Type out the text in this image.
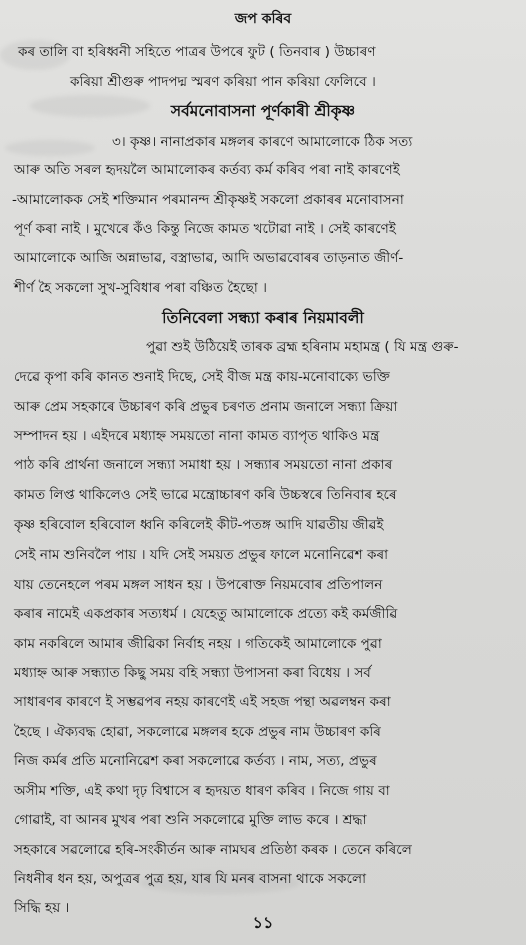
জপ কৰিব
কৰ তালি বা হৰিধ্বনী সহিতে পাত্ৰৰ উপৰে ফুট ( তিনবাৰ ) উচ্চাৰণ
কৰিয়া শ্ৰীগুৰু পাদপদ্ম স্মৰণ কৰিয়া পান কৰিয়া ফেলিবে ।
সৰ্বমনোবাসনা পূৰ্ণকাৰী শ্ৰীকৃষ্ণ
৩। কৃষ্ণ। নানাপ্ৰকাৰ মঙ্গলৰ কাৰণে আমালোকে ঠিক সত্য
আৰু অতি সৰল হৃদয়লৈ আমালোকৰ কৰ্তব্য কৰ্ম কৰিব পৰা নাই কাৰণেই
-আমালোকক সেই শক্তিমান পৰমানন্দ শ্ৰীকৃষ্ণই সকলো প্ৰকাৰৰ মনোবাসনা
পূৰ্ণ কৰা নাই । মুখেৰে কঁও কিন্তু নিজে কামত খটোৱা নাই । সেই কাৰণেই
আমালোকে আজি অন্নাভাৱ, বস্ত্ৰাভাৱ, আদি অভাৱবোৰৰ তাড়নাত জীৰ্ণ-
শীৰ্ণ হৈ সকলো সুখ-সুবিধাৰ পৰা বঞ্চিত হৈছো ।
তিনিবেলা সন্ধ্যা কৰাৰ নিয়মাবলী
পুৱা শুই উঠিয়েই তাৰক ব্ৰহ্ম হৰিনাম মহামন্ত্ৰ ( যি মন্ত্ৰ গুৰু-
দেৱে কৃপা কৰি কানত শুনাই দিছে, সেই বীজ মন্ত্ৰ কায়-মনোবাক্যে ভক্তি
আৰু প্ৰেম সহকাৰে উচ্চাৰণ কৰি প্ৰভুৰ চৰণত প্ৰনাম জনালে সন্ধ্যা ক্ৰিয়া
সম্পাদন হয় । এইদৰে মধ্যাহ্ন সময়তো নানা কামত ব্যাপৃত থাকিও মন্ত্ৰ
পাঠ কৰি প্ৰাৰ্থনা জনালে সন্ধ্যা সমাধা হয় । সন্ধ্যাৰ সময়তো নানা প্ৰকাৰ
কামত লিপ্ত থাকিলেও সেই ভাৱে মন্ত্ৰোচ্চাৰণ কৰি উচ্চস্বৰে তিনিবাৰ হৰে
কৃষ্ণ হৰিবোল হৰিবোল ধ্বনি কৰিলেই কীট-পতঙ্গ আদি যাৱতীয় জীৱই
সেই নাম শুনিবলৈ পায় । যদি সেই সময়ত প্ৰভুৰ ফালে মনোনিৱেশ কৰা
যায় তেনেহলে পৰম মঙ্গল সাধন হয় । উপৰোক্ত নিয়মবোৰ প্ৰতিপালন
কৰাৰ নামেই একপ্ৰকাৰ সত্যধৰ্ম । যেহেতু আমালোকে প্ৰত্যে কই কৰ্মজীৱি
কাম নকৰিলে আমাৰ জীৱিকা নিৰ্বাহ নহয় । গতিকেই আমালোকে পুৱা
মধ্যাহ্ন আৰু সন্ধ্যাত কিছু সময় বহি সন্ধ্যা উপাসনা কৰা বিধেয় । সৰ্ব
সাধাৰণৰ কাৰণে ই সম্ভৱপৰ নহয় কাৰণেই এই সহজ পন্থা অৱলম্বন কৰা
হৈছে । ঐক্যবদ্ধ হোৱা, সকলোৱে মঙ্গলৰ হকে প্ৰভুৰ নাম উচ্চাৰণ কৰি
নিজ কৰ্মৰ প্ৰতি মনোনিৱেশ কৰা সকলোৱে কৰ্তব্য । নাম, সত্য, প্ৰভুৰ
অসীম শক্তি, এই কথা দৃঢ় বিশ্বাসে ৰ হৃদয়ত ধাৰণ কৰিব । নিজে গায় বা
গোৱাই, বা আনৰ মুখৰ পৰা শুনি সকলোৱে মুক্তি লাভ কৰে । শ্ৰদ্ধা
সহকাৰে সৱলোৱে হৰি-সংকীৰ্তন আৰু নামঘৰ প্ৰতিষ্ঠা কৰক । তেনে কৰিলে
নিধনীৰ ধন হয়, অপুত্ৰৰ পুত্ৰ হয়, যাৰ যি মনৰ বাসনা থাকে সকলো
সিদ্ধি হয় ।
১১
